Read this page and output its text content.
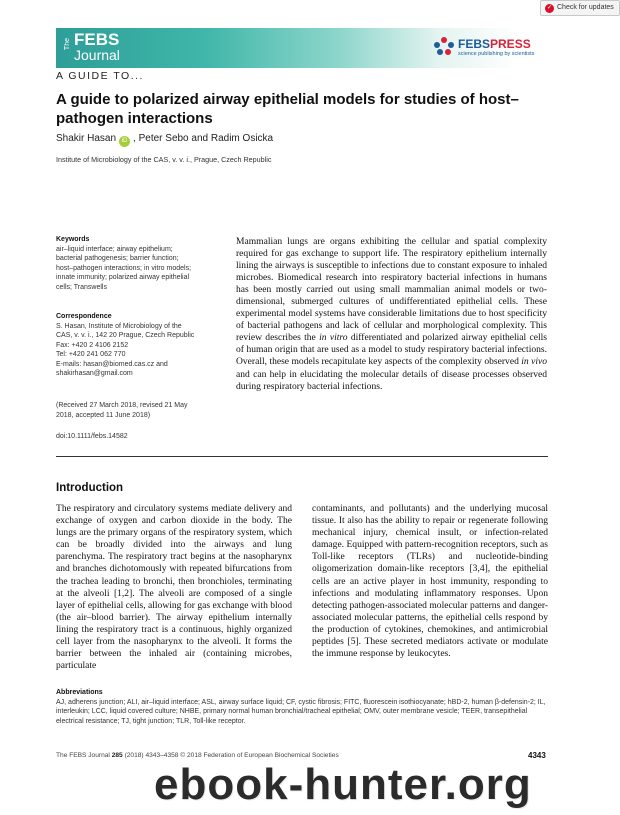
✓ Check for updates
The FEBS
Journal
FEBSPRESS
science publishing by scientists
A GUIDE TO...
A guide to polarized airway epithelial models for studies of host–pathogen interactions
Shakir Hasan iD , Peter Sebo and Radim Osicka
Institute of Microbiology of the CAS, v. v. i., Prague, Czech Republic
Keywords
air–liquid interface; airway epithelium;
bacterial pathogenesis; barrier function;
host–pathogen interactions; in vitro models;
innate immunity; polarized airway epithelial
cells; Transwells
Correspondence
S. Hasan, Institute of Microbiology of the
CAS, v. v. i., 142 20 Prague, Czech Republic
Fax: +420 2 4106 2152
Tel: +420 241 062 770
E-mails: hasan@biomed.cas.cz and
shakirhasan@gmail.com
(Received 27 March 2018, revised 21 May
2018, accepted 11 June 2018)
doi:10.1111/febs.14582

Mammalian lungs are organs exhibiting the cellular and spatial complexity required for gas exchange to support life. The respiratory epithelium internally lining the airways is susceptible to infections due to constant exposure to inhaled microbes. Biomedical research into respiratory bacterial infections in humans has been mostly carried out using small mammalian animal models or two-dimensional, submerged cultures of undifferentiated epithelial cells. These experimental model systems have considerable limitations due to host specificity of bacterial pathogens and lack of cellular and morphological complexity. This review describes the in vitro differentiated and polarized airway epithelial cells of human origin that are used as a model to study respiratory bacterial infections. Overall, these models recapitulate key aspects of the complexity observed in vivo and can help in elucidating the molecular details of disease processes observed during respiratory bacterial infections.

Introduction

The respiratory and circulatory systems mediate delivery and exchange of oxygen and carbon dioxide in the body. The lungs are the primary organs of the respiratory system, which can be broadly divided into the airways and lung parenchyma. The respiratory tract begins at the nasopharynx and branches dichotomously with repeated bifurcations from the trachea leading to bronchi, then bronchioles, terminating at the alveoli [1,2]. The alveoli are composed of a single layer of epithelial cells, allowing for gas exchange with blood (the air–blood barrier). The airway epithelium internally lining the respiratory tract is a continuous, highly organized cell layer from the nasopharynx to the alveoli. It forms the barrier between the inhaled air (containing microbes, particulate

contaminants, and pollutants) and the underlying mucosal tissue. It also has the ability to repair or regenerate following mechanical injury, chemical insult, or infection-related damage. Equipped with pattern-recognition receptors, such as Toll-like receptors (TLRs) and nucleotide-binding oligomerization domain-like receptors [3,4], the epithelial cells are an active player in host immunity, responding to infections and modulating inflammatory responses. Upon detecting pathogen-associated molecular patterns and danger-associated molecular patterns, the epithelial cells respond by the production of cytokines, chemokines, and antimicrobial peptides [5]. These secreted mediators activate or modulate the immune response by leukocytes.

Abbreviations
AJ, adherens junction; ALI, air–liquid interface; ASL, airway surface liquid; CF, cystic fibrosis; FITC, fluorescein isothiocyanate; hBD-2, human β-defensin-2; IL, interleukin; LCC, liquid covered culture; NHBE, primary normal human bronchial/tracheal epithelial; OMV, outer membrane vesicle; TEER, transepithelial electrical resistance; TJ, tight junction; TLR, Toll-like receptor.
The FEBS Journal 285 (2018) 4343–4358 © 2018 Federation of European Biochemical Societies	4343
ebook-hunter.org
